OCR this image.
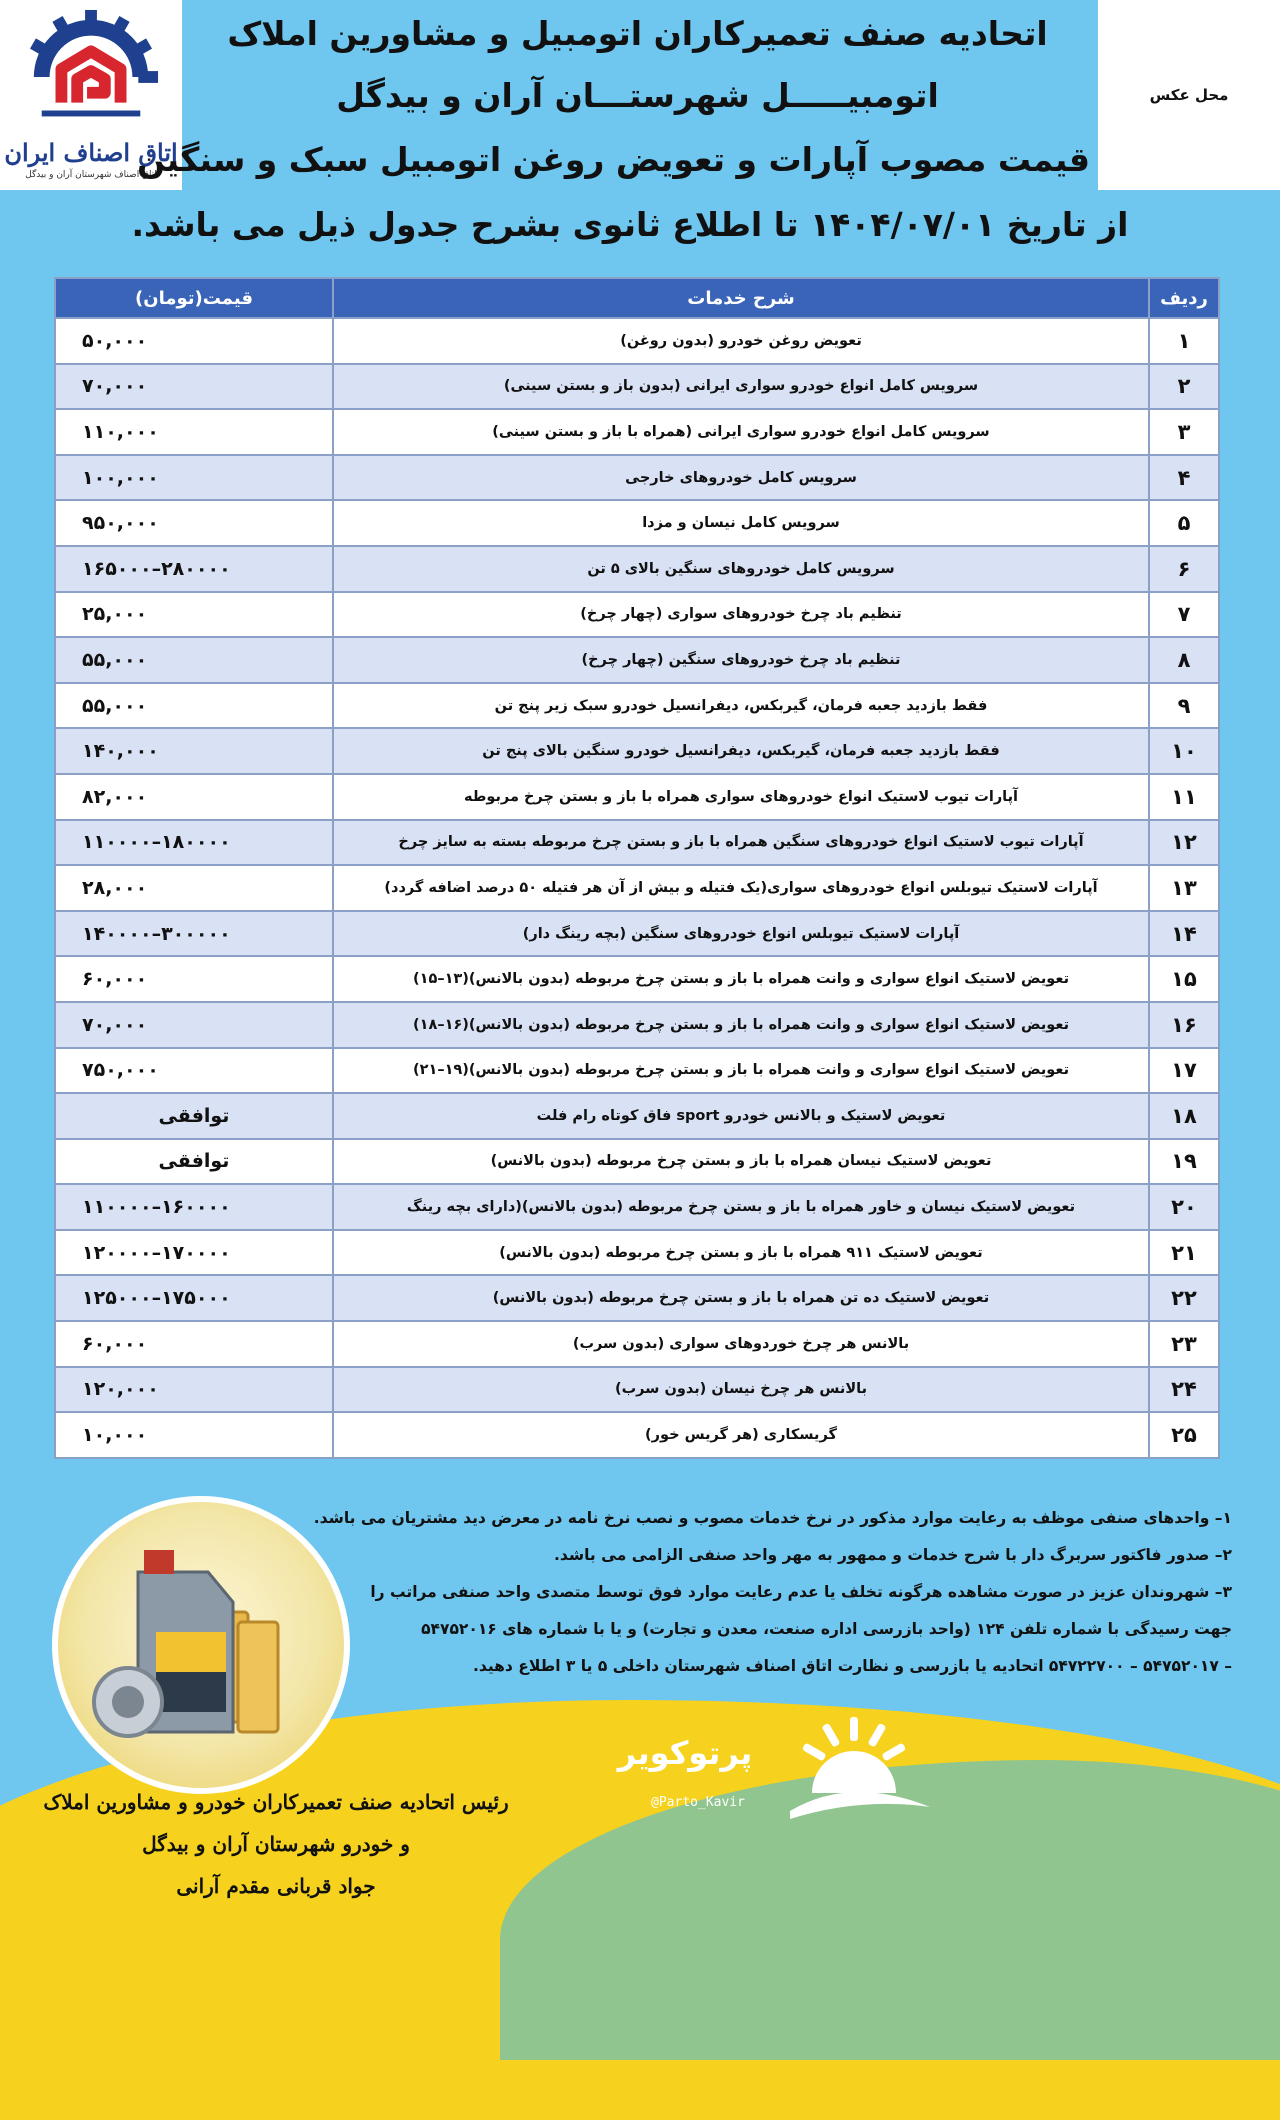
اتاق اصناف ایران
اتاق اصناف شهرستان آران و بیدگل
محل عکس
اتحادیه صنف تعمیرکاران اتومبیل و مشاورین املاک
اتومبیـــــل شهرستـــان آران و بیدگل
قیمت مصوب آپارات و تعویض روغن اتومبیل سبک و سنگین
از تاریخ ۱۴۰۴/۰۷/۰۱ تا اطلاع ثانوی بشرح جدول ذیل می باشد.
ردیف	شرح خدمات	قیمت(تومان)
۱	تعویض روغن خودرو (بدون روغن)	۵۰,۰۰۰
۲	سرویس کامل انواع خودرو سواری ایرانی (بدون باز و بستن سینی)	۷۰,۰۰۰
۳	سرویس کامل انواع خودرو سواری ایرانی (همراه با باز و بستن سینی)	۱۱۰,۰۰۰
۴	سرویس کامل خودروهای خارجی	۱۰۰,۰۰۰
۵	سرویس کامل نیسان و مزدا	۹۵۰,۰۰۰
۶	سرویس کامل خودروهای سنگین بالای ۵ تن	۱۶۵۰۰۰–۲۸۰۰۰۰
۷	تنظیم باد چرخ خودروهای سواری (چهار چرخ)	۲۵,۰۰۰
۸	تنظیم باد چرخ خودروهای سنگین (چهار چرخ)	۵۵,۰۰۰
۹	فقط بازدید جعبه فرمان، گیربکس، دیفرانسیل خودرو سبک زیر پنج تن	۵۵,۰۰۰
۱۰	فقط بازدید جعبه فرمان، گیربکس، دیفرانسیل خودرو سنگین بالای پنج تن	۱۴۰,۰۰۰
۱۱	آپارات تیوب لاستیک انواع خودروهای سواری همراه با باز و بستن چرخ مربوطه	۸۲,۰۰۰
۱۲	آپارات تیوب لاستیک انواع خودروهای سنگین همراه با باز و بستن چرخ مربوطه بسته به سایز چرخ	۱۱۰۰۰۰–۱۸۰۰۰۰
۱۳	آپارات لاستیک تیوبلس انواع خودروهای سواری(یک فتیله و بیش از آن هر فتیله ۵۰ درصد اضافه گردد)	۲۸,۰۰۰
۱۴	آپارات لاستیک تیوبلس انواع خودروهای سنگین (بچه رینگ دار)	۱۴۰۰۰۰–۳۰۰۰۰۰
۱۵	تعویض لاستیک انواع سواری و وانت همراه با باز و بستن چرخ مربوطه (بدون بالانس)(۱۳–۱۵)	۶۰,۰۰۰
۱۶	تعویض لاستیک انواع سواری و وانت همراه با باز و بستن چرخ مربوطه (بدون بالانس)(۱۶–۱۸)	۷۰,۰۰۰
۱۷	تعویض لاستیک انواع سواری و وانت همراه با باز و بستن چرخ مربوطه (بدون بالانس)(۱۹–۲۱)	۷۵۰,۰۰۰
۱۸	تعویض لاستیک و بالانس خودرو sport فاق کوتاه رام فلت	توافقی
۱۹	تعویض لاستیک نیسان همراه با باز و بستن چرخ مربوطه (بدون بالانس)	توافقی
۲۰	تعویض لاستیک نیسان و خاور همراه با باز و بستن چرخ مربوطه (بدون بالانس)(دارای بچه رینگ	۱۱۰۰۰۰–۱۶۰۰۰۰
۲۱	تعویض لاستیک ۹۱۱ همراه با باز و بستن چرخ مربوطه (بدون بالانس)	۱۲۰۰۰۰–۱۷۰۰۰۰
۲۲	تعویض لاستیک ده تن همراه با باز و بستن چرخ مربوطه (بدون بالانس)	۱۲۵۰۰۰–۱۷۵۰۰۰
۲۳	بالانس هر چرخ خوردوهای سواری (بدون سرب)	۶۰,۰۰۰
۲۴	بالانس هر چرخ نیسان (بدون سرب)	۱۲۰,۰۰۰
۲۵	گریسکاری (هر گریس خور)	۱۰,۰۰۰

۱– واحدهای صنفی موظف به رعایت موارد مذکور در نرخ خدمات مصوب و نصب نرخ نامه در معرض دید مشتریان می باشد.

۲– صدور فاکتور سربرگ دار با شرح خدمات و ممهور به مهر واحد صنفی الزامی می باشد.

۳– شهروندان عزیز در صورت مشاهده هرگونه تخلف یا عدم رعایت موارد فوق توسط متصدی واحد صنفی مراتب را

جهت رسیدگی با شماره تلفن ۱۲۴ (واحد بازرسی اداره صنعت، معدن و تجارت) و یا با شماره های ۵۴۷۵۲۰۱۶

– ۵۴۷۵۲۰۱۷ – ۵۴۷۲۲۷۰۰ اتحادیه یا بازرسی و نظارت اتاق اصناف شهرستان داخلی ۵ یا ۳ اطلاع دهید.

رئیس اتحادیه صنف تعمیرکاران خودرو و مشاورین املاک
و خودرو شهرستان آران و بیدگل
جواد قربانی مقدم آرانی
پرتوکویر
@Parto_Kavir
